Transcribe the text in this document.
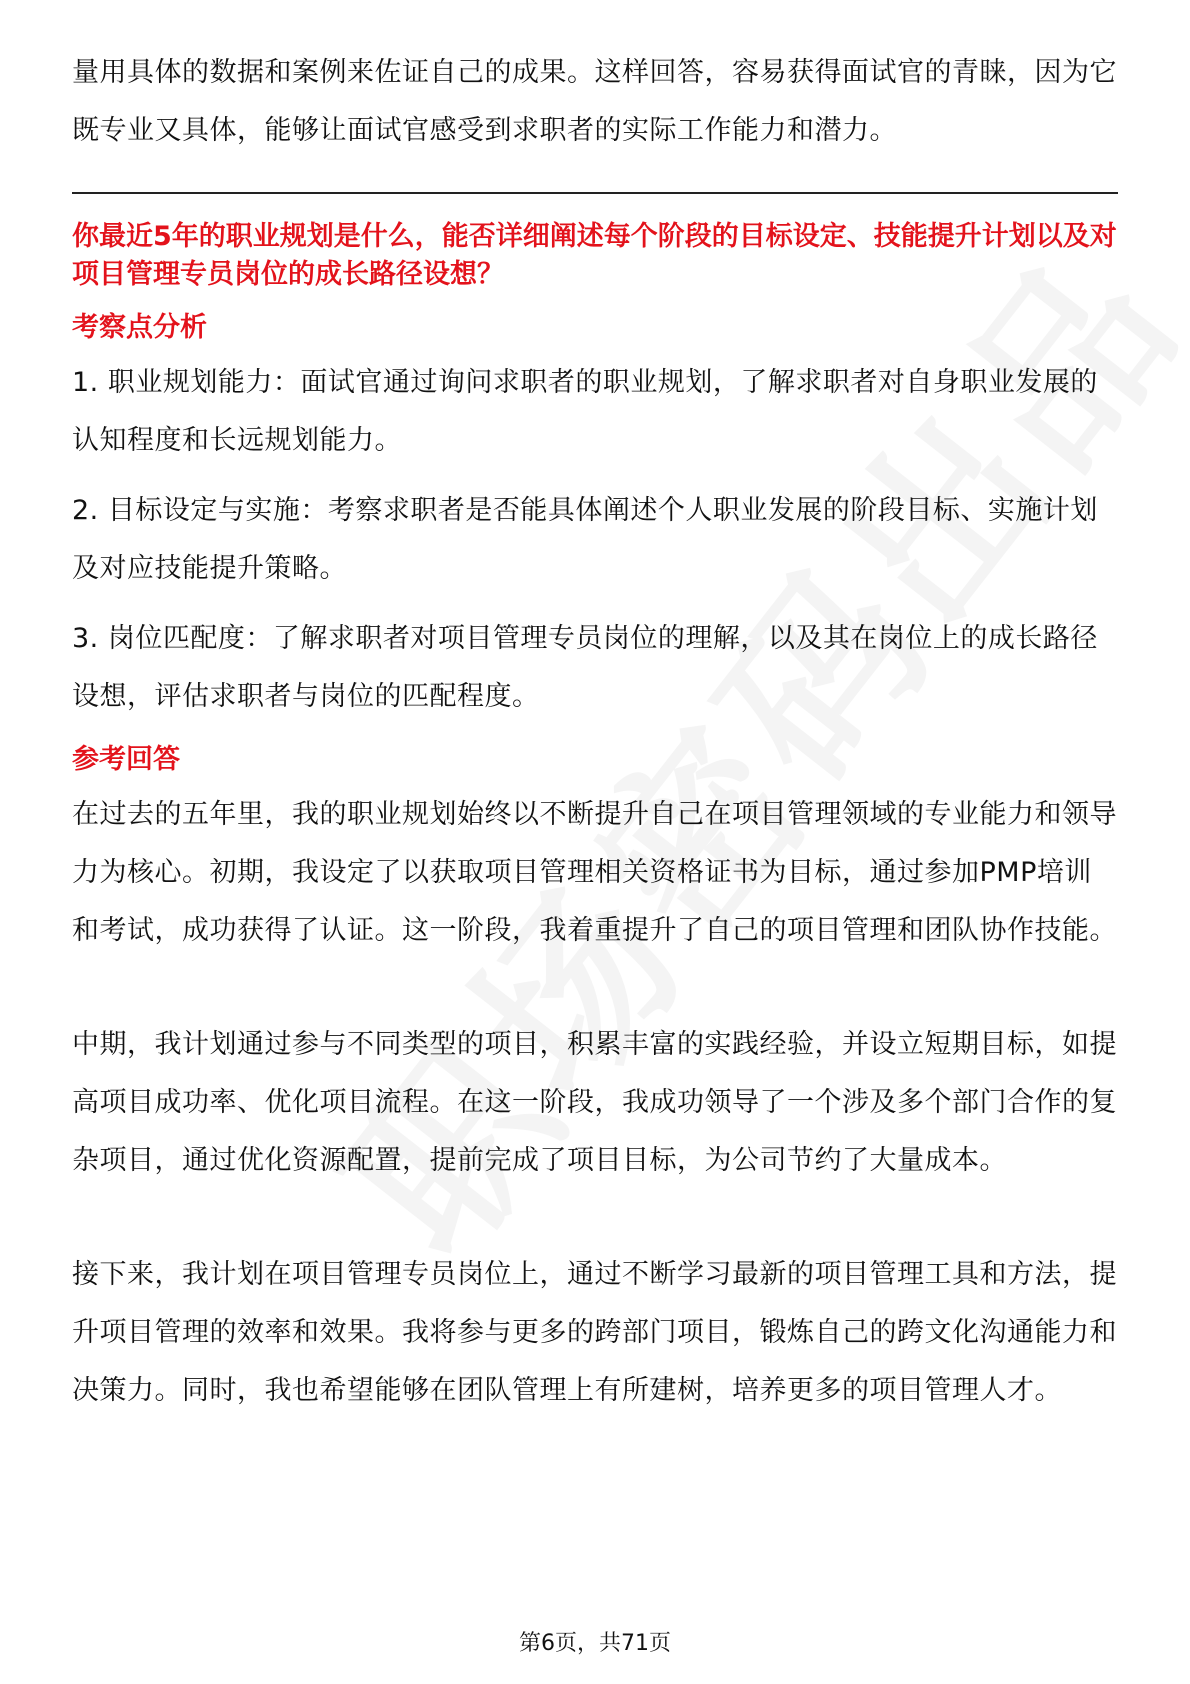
量用具体的数据和案例来佐证自己的成果。这样回答，容易获得面试官的青睐，因为它既专业又具体，能够让面试官感受到求职者的实际工作能力和潜力。

你最近5年的职业规划是什么，能否详细阐述每个阶段的目标设定、技能提升计划以及对项目管理专员岗位的成长路径设想？

考察点分析

1. 职业规划能力：面试官通过询问求职者的职业规划，了解求职者对自身职业发展的认知程度和长远规划能力。

2. 目标设定与实施：考察求职者是否能具体阐述个人职业发展的阶段目标、实施计划及对应技能提升策略。

3. 岗位匹配度：了解求职者对项目管理专员岗位的理解，以及其在岗位上的成长路径设想，评估求职者与岗位的匹配程度。

参考回答

在过去的五年里，我的职业规划始终以不断提升自己在项目管理领域的专业能力和领导力为核心。初期，我设定了以获取项目管理相关资格证书为目标，通过参加PMP培训和考试，成功获得了认证。这一阶段，我着重提升了自己的项目管理和团队协作技能。

中期，我计划通过参与不同类型的项目，积累丰富的实践经验，并设立短期目标，如提高项目成功率、优化项目流程。在这一阶段，我成功领导了一个涉及多个部门合作的复杂项目，通过优化资源配置，提前完成了项目目标，为公司节约了大量成本。

接下来，我计划在项目管理专员岗位上，通过不断学习最新的项目管理工具和方法，提升项目管理的效率和效果。我将参与更多的跨部门项目，锻炼自己的跨文化沟通能力和决策力。同时，我也希望能够在团队管理上有所建树，培养更多的项目管理人才。

第6页，共71页
